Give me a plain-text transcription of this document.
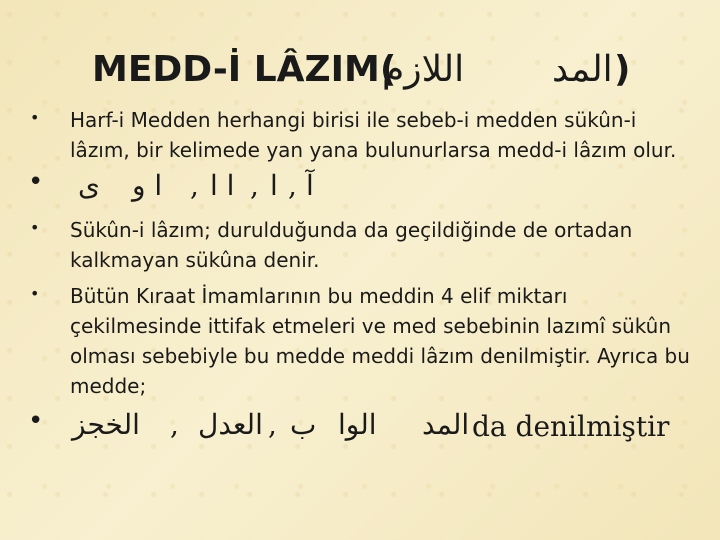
MEDD-İ LÂZIM(
اللازم المد )
• Harf-i Medden herhangi birisi ile sebeb-i medden sükûn-i lâzım, bir kelimede yan yana bulunurlarsa medd-i lâzım olur.
• ى ا و , ا ا , ا , آ
• Sükûn-i lâzım; durulduğunda da geçildiğinde de ortadan kalkmayan sükûna denir.
• Bütün Kıraat İmamlarının bu meddin 4 elif miktarı çekilmesinde ittifak etmeleri ve med sebebinin lazımî sükûn olması sebebiyle bu medde meddi lâzım denilmiştir. Ayrıca bu medde;
• الخجز , العدل , ب الوا المد da denilmiştir
